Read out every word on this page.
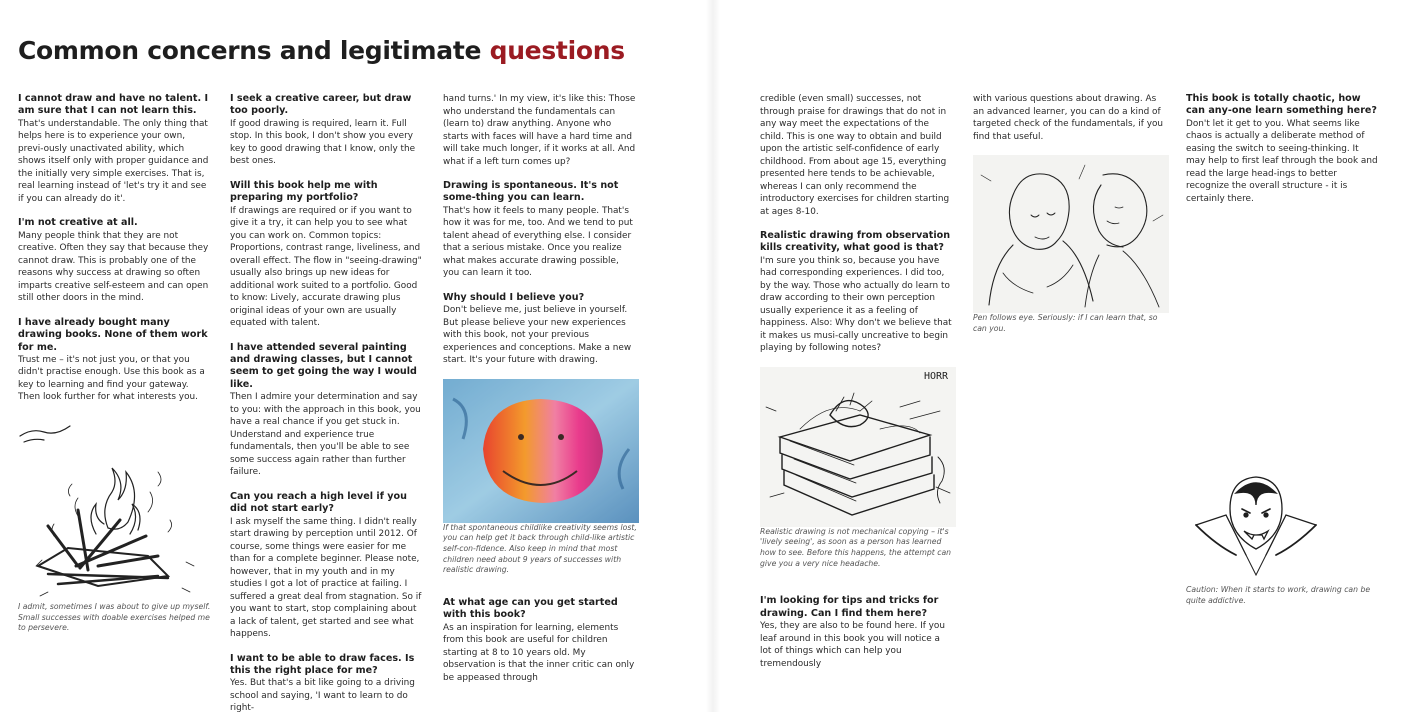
Common concerns and legitimate questions
I cannot draw and have no talent. I am sure that I can not learn this.

That's understandable. The only thing that helps here is to experience your own, previ-ously unactivated ability, which shows itself only with proper guidance and the initially very simple exercises. That is, real learning instead of 'let's try it and see if you can already do it'.

I'm not creative at all.

Many people think that they are not creative. Often they say that because they cannot draw. This is probably one of the reasons why success at drawing so often imparts creative self-esteem and can open still other doors in the mind.

I have already bought many drawing books. None of them work for me.

Trust me – it's not just you, or that you didn't practise enough. Use this book as a key to learning and find your gateway. Then look further for what interests you.

I admit, sometimes I was about to give up myself. Small successes with doable exercises helped me to persevere.

I seek a creative career, but draw too poorly.

If good drawing is required, learn it. Full stop. In this book, I don't show you every key to good drawing that I know, only the best ones.

Will this book help me with preparing my portfolio?

If drawings are required or if you want to give it a try, it can help you to see what you can work on. Common topics: Proportions, contrast range, liveliness, and overall effect. The flow in "seeing-drawing" usually also brings up new ideas for additional work suited to a portfolio. Good to know: Lively, accurate drawing plus original ideas of your own are usually equated with talent.

I have attended several painting and drawing classes, but I cannot seem to get going the way I would like.

Then I admire your determination and say to you: with the approach in this book, you have a real chance if you get stuck in. Understand and experience true fundamentals, then you'll be able to see some success again rather than further failure.

Can you reach a high level if you did not start early?

I ask myself the same thing. I didn't really start drawing by perception until 2012. Of course, some things were easier for me than for a complete beginner. Please note, however, that in my youth and in my studies I got a lot of practice at failing. I suffered a great deal from stagnation. So if you want to start, stop complaining about a lack of talent, get started and see what happens.

I want to be able to draw faces. Is this the right place for me?

Yes. But that's a bit like going to a driving school and saying, 'I want to learn to do right-

hand turns.' In my view, it's like this: Those who understand the fundamentals can (learn to) draw anything. Anyone who starts with faces will have a hard time and will take much longer, if it works at all. And what if a left turn comes up?

Drawing is spontaneous. It's not some-thing you can learn.

That's how it feels to many people. That's how it was for me, too. And we tend to put talent ahead of everything else. I consider that a serious mistake. Once you realize what makes accurate drawing possible, you can learn it too.

Why should I believe you?

Don't believe me, just believe in yourself. But please believe your new experiences with this book, not your previous experiences and conceptions. Make a new start. It's your future with drawing.

If that spontaneous childlike creativity seems lost, you can help get it back through child-like artistic self-con-fidence. Also keep in mind that most children need about 9 years of successes with realistic drawing.

At what age can you get started with this book?

As an inspiration for learning, elements from this book are useful for children starting at 8 to 10 years old. My observation is that the inner critic can only be appeased through

credible (even small) successes, not through praise for drawings that do not in any way meet the expectations of the child. This is one way to obtain and build upon the artistic self-confidence of early childhood. From about age 15, everything presented here tends to be achievable, whereas I can only recommend the introductory exercises for children starting at ages 8-10.

Realistic drawing from observation kills creativity, what good is that?

I'm sure you think so, because you have had corresponding experiences. I did too, by the way. Those who actually do learn to draw according to their own perception usually experience it as a feeling of happiness. Also: Why don't we believe that it makes us musi-cally uncreative to begin playing by following notes?

HORR

Realistic drawing is not mechanical copying – it's 'lively seeing', as soon as a person has learned how to see. Before this happens, the attempt can give you a very nice headache.

I'm looking for tips and tricks for drawing. Can I find them here?

Yes, they are also to be found here. If you leaf around in this book you will notice a lot of things which can help you tremendously

with various questions about drawing. As an advanced learner, you can do a kind of targeted check of the fundamentals, if you find that useful.

Pen follows eye. Seriously: if I can learn that, so can you.

This book is totally chaotic, how can any-one learn something here?

Don't let it get to you. What seems like chaos is actually a deliberate method of easing the switch to seeing-thinking. It may help to first leaf through the book and read the large head-ings to better recognize the overall structure - it is certainly there.

Caution: When it starts to work, drawing can be quite addictive.
